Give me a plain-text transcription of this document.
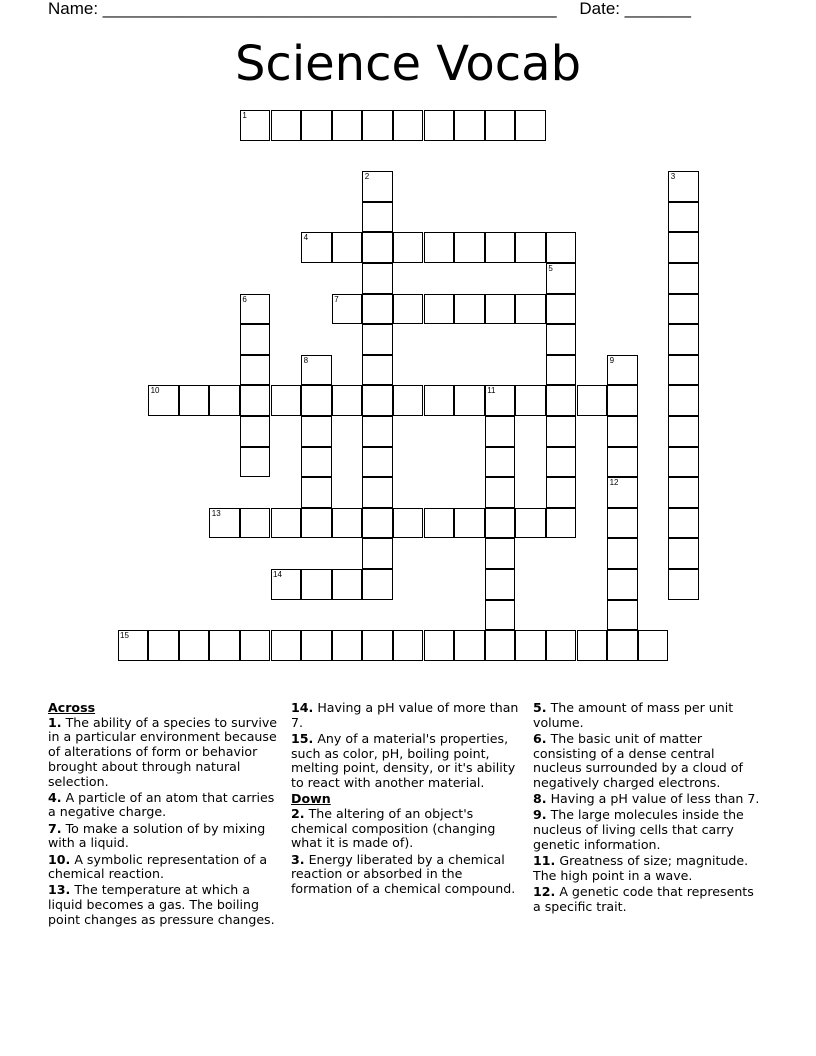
Name: ________________________________________________ Date: _______
Science Vocab
1
2	3
4
5
6	7
8	9
10	11
12
13
14
15
Across
1. The ability of a species to survive in a particular environment because of alterations of form or behavior brought about through natural selection.
4. A particle of an atom that carries a negative charge.
7. To make a solution of by mixing with a liquid.
10. A symbolic representation of a chemical reaction.
13. The temperature at which a liquid becomes a gas. The boiling point changes as pressure changes.
14. Having a pH value of more than 7.
15. Any of a material's properties, such as color, pH, boiling point, melting point, density, or it's ability to react with another material.
Down
2. The altering of an object's chemical composition (changing what it is made of).
3. Energy liberated by a chemical reaction or absorbed in the formation of a chemical compound.
5. The amount of mass per unit volume.
6. The basic unit of matter consisting of a dense central nucleus surrounded by a cloud of negatively charged electrons.
8. Having a pH value of less than 7.
9. The large molecules inside the nucleus of living cells that carry genetic information.
11. Greatness of size; magnitude. The high point in a wave.
12. A genetic code that represents a specific trait.
